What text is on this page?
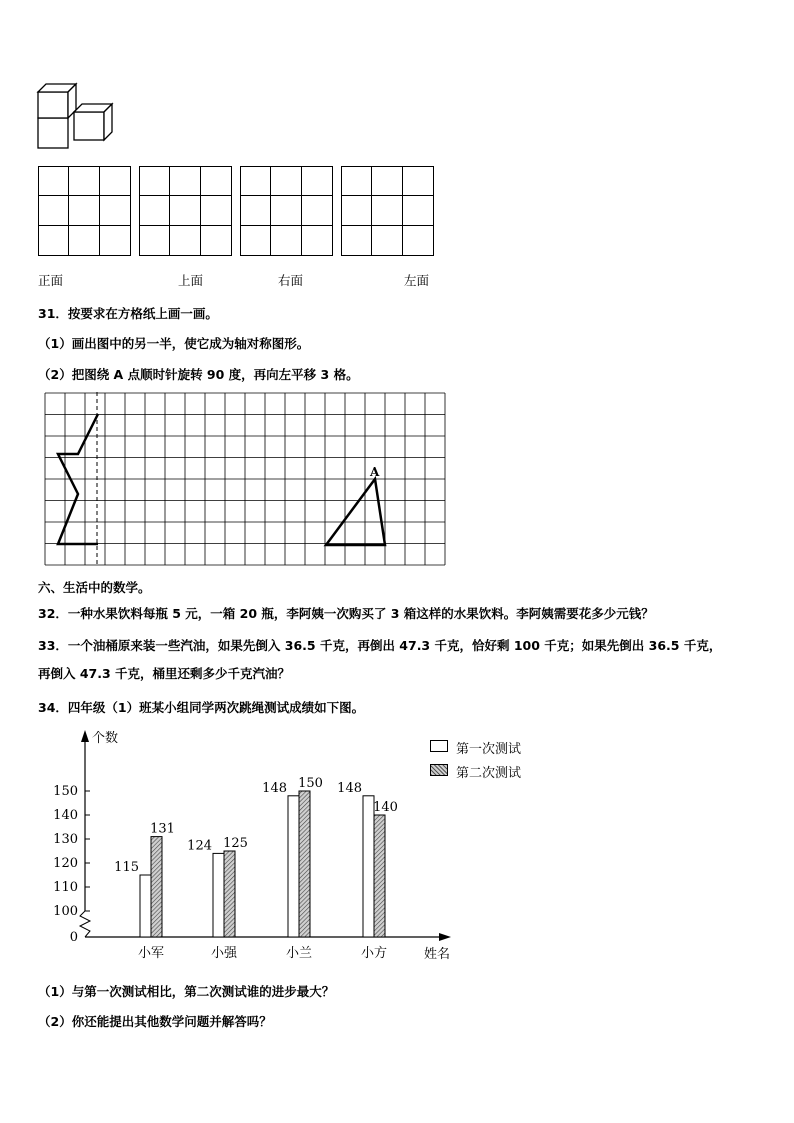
正面	上面	右面	左面
31．按要求在方格纸上画一画。
（1）画出图中的另一半，使它成为轴对称图形。
（2）把图绕 A 点顺时针旋转 90 度，再向左平移 3 格。
A
六、生活中的数学。
32．一种水果饮料每瓶 5 元，一箱 20 瓶，李阿姨一次购买了 3 箱这样的水果饮料。李阿姨需要花多少元钱？
33．一个油桶原来装一些汽油，如果先倒入 36.5 千克，再倒出 47.3 千克，恰好剩 100 千克；如果先倒出 36.5 千克，
再倒入 47.3 千克，桶里还剩多少千克汽油？
34．四年级（1）班某小组同学两次跳绳测试成绩如下图。
个数
姓名
0
100
110
120
130
140
150
115
131
124 125
148 150 148
140
小军	小强	小兰	小方
第一次测试
第二次测试
（1）与第一次测试相比，第二次测试谁的进步最大？
（2）你还能提出其他数学问题并解答吗？
